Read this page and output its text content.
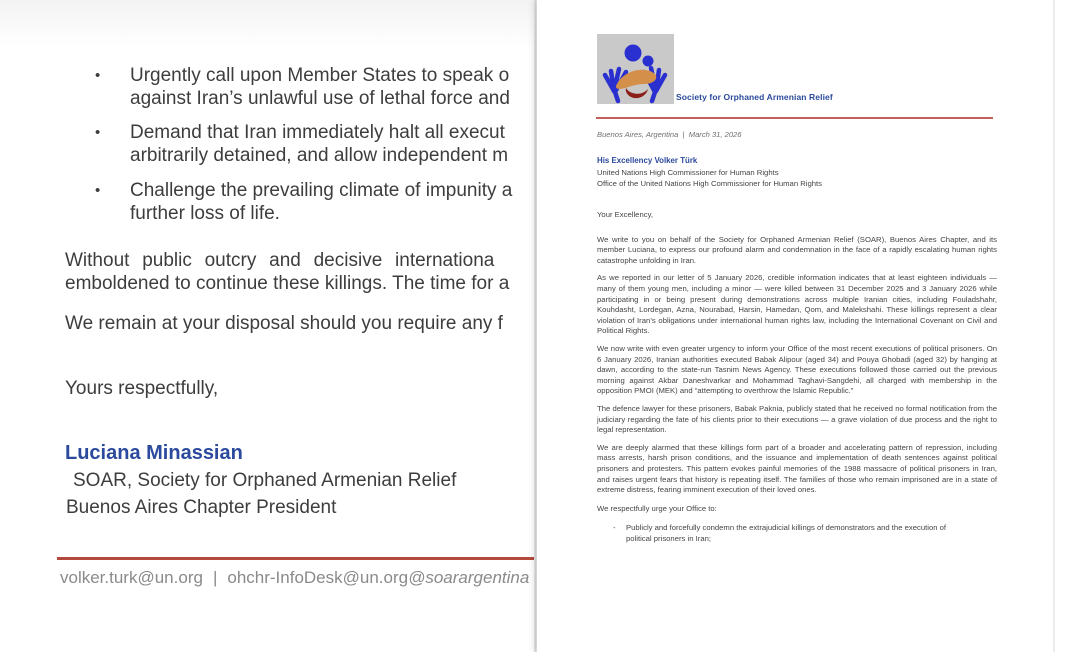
•	Urgently call upon Member States to speak o
against Iran’s unlawful use of lethal force and
•	Demand that Iran immediately halt all execut
arbitrarily detained, and allow independent m
•	Challenge the prevailing climate of impunity a
further loss of life.
Without public outcry and decisive internationa
emboldened to continue these killings. The time for a
We remain at your disposal should you require any f
Yours respectfully,
Luciana Minassian
SOAR, Society for Orphaned Armenian Relief
Buenos Aires Chapter President
volker.turk@un.org | ohchr-InfoDesk@un.org@soarargentina
Society for Orphaned Armenian Relief
Buenos Aires, Argentina  |  March 31, 2026
His Excellency Volker Türk
United Nations High Commissioner for Human Rights
Office of the United Nations High Commissioner for Human Rights
Your Excellency,

We write to you on behalf of the Society for Orphaned Armenian Relief (SOAR), Buenos Aires Chapter, and its member Luciana, to express our profound alarm and condemnation in the face of a rapidly escalating human rights catastrophe unfolding in Iran.

As we reported in our letter of 5 January 2026, credible information indicates that at least eighteen individuals — many of them young men, including a minor — were killed between 31 December 2025 and 3 January 2026 while participating in or being present during demonstrations across multiple Iranian cities, including Fouladshahr, Kouhdasht, Lordegan, Azna, Nourabad, Harsin, Hamedan, Qom, and Malekshahi. These killings represent a clear violation of Iran’s obligations under international human rights law, including the International Covenant on Civil and Political Rights.

We now write with even greater urgency to inform your Office of the most recent executions of political prisoners. On 6 January 2026, Iranian authorities executed Babak Alipour (aged 34) and Pouya Ghobadi (aged 32) by hanging at dawn, according to the state-run Tasnim News Agency. These executions followed those carried out the previous morning against Akbar Daneshvarkar and Mohammad Taghavi-Sangdehi, all charged with membership in the opposition PMOI (MEK) and “attempting to overthrow the Islamic Republic.”

The defence lawyer for these prisoners, Babak Paknia, publicly stated that he received no formal notification from the judiciary regarding the fate of his clients prior to their executions — a grave violation of due process and the right to legal representation.

We are deeply alarmed that these killings form part of a broader and accelerating pattern of repression, including mass arrests, harsh prison conditions, and the issuance and implementation of death sentences against political prisoners and protesters. This pattern evokes painful memories of the 1988 massacre of political prisoners in Iran, and raises urgent fears that history is repeating itself. The families of those who remain imprisoned are in a state of extreme distress, fearing imminent execution of their loved ones.

We respectfully urge your Office to:
-	Publicly and forcefully condemn the extrajudicial killings of demonstrators and the execution of political prisoners in Iran;
